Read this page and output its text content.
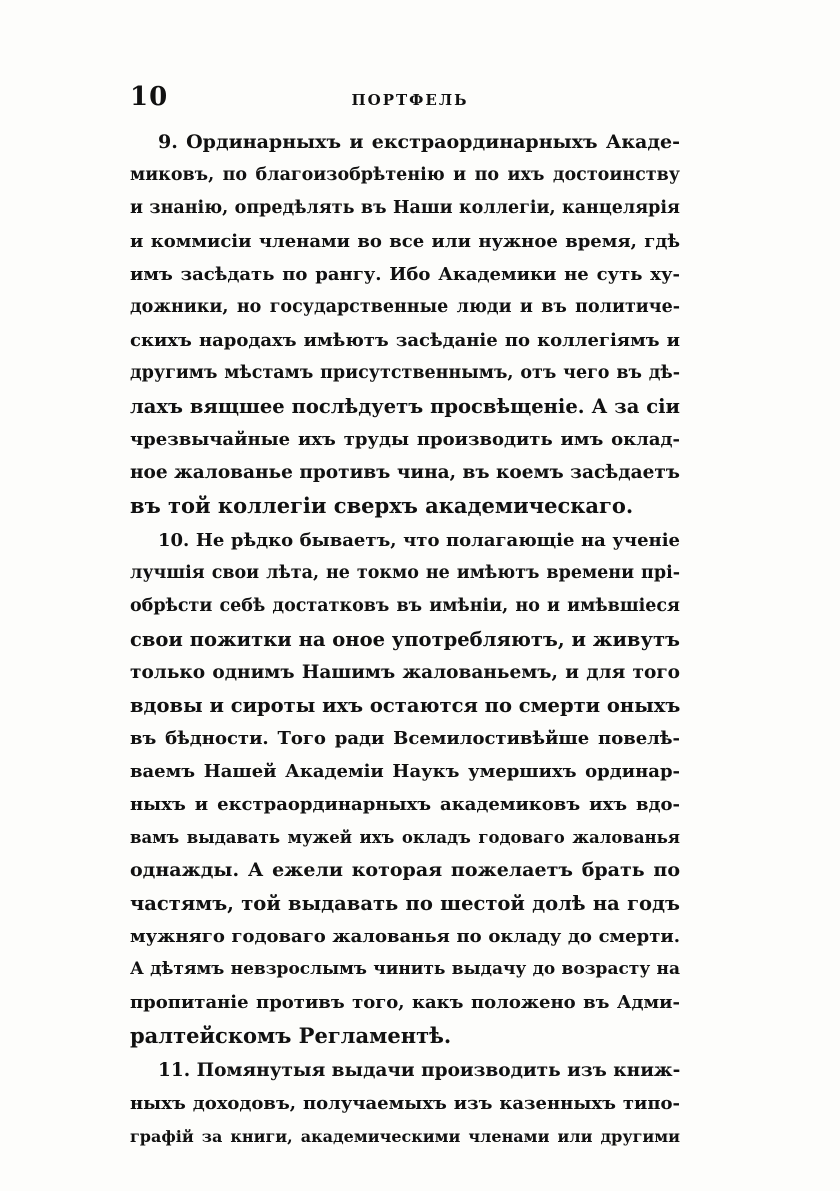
10	ПОРТФЕЛЬ
9. Ординарныхъ и екстраординарныхъ Акаде-
миковъ, по благоизобрѣтенію и по ихъ достоинству
и знанію, опредѣлять въ Наши коллегіи, канцелярія
и коммисіи членами во все или нужное время, гдѣ
имъ засѣдать по рангу. Ибо Академики не суть ху-
дожники, но государственные люди и въ политиче-
скихъ народахъ имѣютъ засѣданіе по коллегіямъ и
другимъ мѣстамъ присутственнымъ, отъ чего въ дѣ-
лахъ вящшее послѣдуетъ просвѣщеніе. А за сіи
чрезвычайные ихъ труды производить имъ оклад-
ное жалованье противъ чина, въ коемъ засѣдаетъ
въ той коллегіи сверхъ академическаго.
10. Не рѣдко бываетъ, что полагающіе на ученіе
лучшія свои лѣта, не токмо не имѣютъ времени прі-
обрѣсти себѣ достатковъ въ имѣніи, но и имѣвшіеся
свои пожитки на оное употребляютъ, и живутъ
только однимъ Нашимъ жалованьемъ, и для того
вдовы и сироты ихъ остаются по смерти оныхъ
въ бѣдности. Того ради Всемилостивѣйше повелѣ-
ваемъ Нашей Академіи Наукъ умершихъ ординар-
ныхъ и екстраординарныхъ академиковъ ихъ вдо-
вамъ выдавать мужей ихъ окладъ годоваго жалованья
однажды. А ежели которая пожелаетъ брать по
частямъ, той выдавать по шестой долѣ на годъ
мужняго годоваго жалованья по окладу до смерти.
А дѣтямъ невзрослымъ чинить выдачу до возрасту на
пропитаніе противъ того, какъ положено въ Адми-
ралтейскомъ Регламентѣ.
11. Помянутыя выдачи производить изъ книж-
ныхъ доходовъ, получаемыхъ изъ казенныхъ типо-
графій за книги, академическими членами или другими
